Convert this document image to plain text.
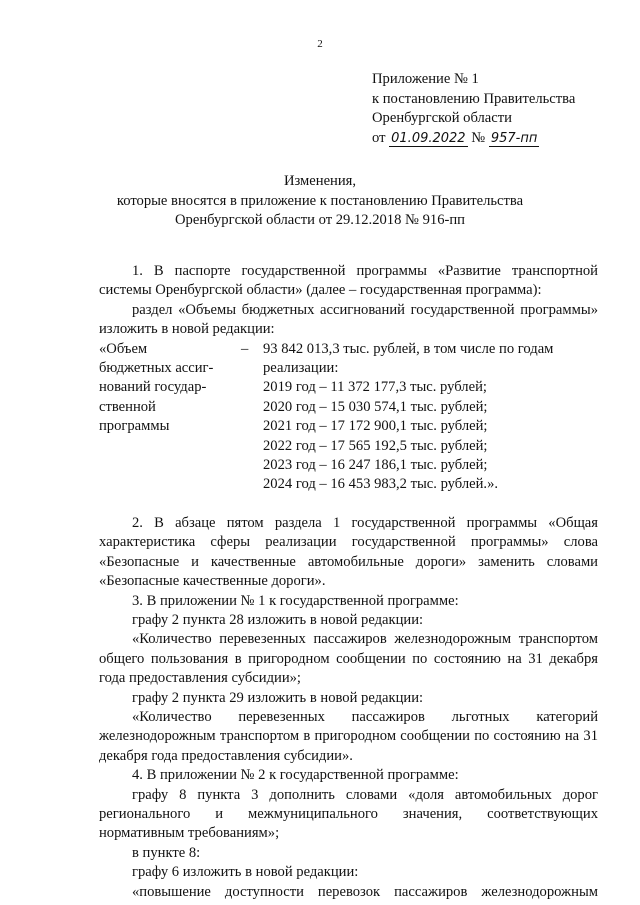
2
Приложение № 1
к постановлению Правительства
Оренбургской области
от 01.09.2022 № 957-пп
Изменения,
которые вносятся в приложение к постановлению Правительства
Оренбургской области от 29.12.2018 № 916-пп
1. В паспорте государственной программы «Развитие транспортной системы Оренбургской области» (далее – государственная программа):
раздел «Объемы бюджетных ассигнований государственной программы» изложить в новой редакции:
«Объем
бюджетных ассиг-
нований государ-
ственной
программы
–	93 842 013,3 тыс. рублей, в том числе по годам
реализации:
2019 год – 11 372 177,3 тыс. рублей;
2020 год – 15 030 574,1 тыс. рублей;
2021 год – 17 172 900,1 тыс. рублей;
2022 год – 17 565 192,5 тыс. рублей;
2023 год – 16 247 186,1 тыс. рублей;
2024 год – 16 453 983,2 тыс. рублей.».
2. В абзаце пятом раздела 1 государственной программы «Общая характеристика сферы реализации государственной программы» слова «Безопасные и качественные автомобильные дороги» заменить словами «Безопасные качественные дороги».
3. В приложении № 1 к государственной программе:
графу 2 пункта 28 изложить в новой редакции:
«Количество перевезенных пассажиров железнодорожным транспортом общего пользования в пригородном сообщении по состоянию на 31 декабря года предоставления субсидии»;
графу 2 пункта 29 изложить в новой редакции:
«Количество перевезенных пассажиров льготных категорий железнодорожным транспортом в пригородном сообщении по состоянию на 31 декабря года предоставления субсидии».
4. В приложении № 2 к государственной программе:
графу 8 пункта 3 дополнить словами «доля автомобильных дорог регионального и межмуниципального значения, соответствующих нормативным требованиям»;
в пункте 8:
графу 6 изложить в новой редакции:
«повышение доступности перевозок пассажиров железнодорожным
